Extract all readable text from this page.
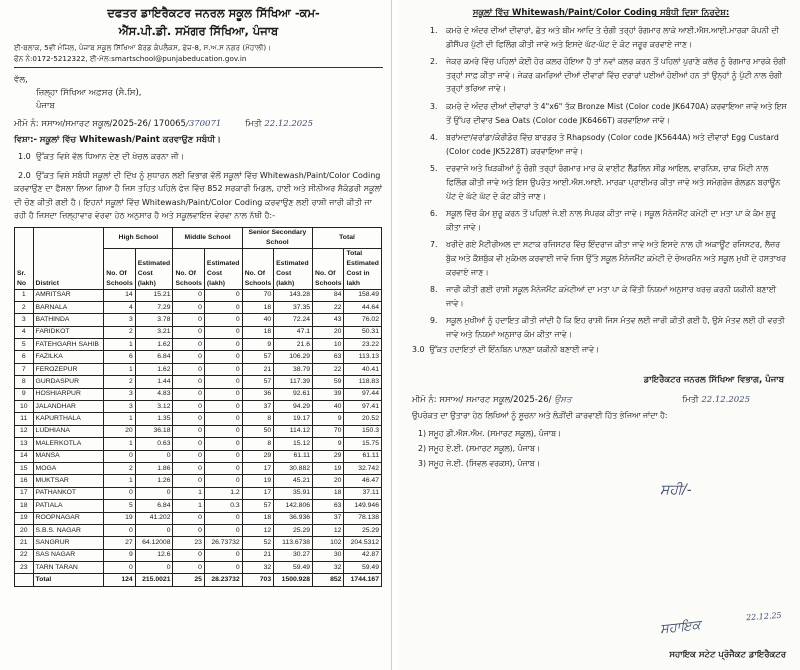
ਦਫਤਰ ਡਾਇਰੈਕਟਰ ਜਨਰਲ ਸਕੂਲ ਸਿੱਖਿਆ -ਕਮ-
ਐੱਸ.ਪੀ.ਡੀ. ਸਮੱਗਰ ਸਿੱਖਿਆ, ਪੰਜਾਬ
ਈ-ਬਲਾਕ, 5ਵੀਂ ਮੰਜਿਲ, ਪੰਜਾਬ ਸਕੂਲ ਸਿੱਖਿਆ ਬੋਰਡ ਕੰਪਲੈਕਸ, ਫੇਜ਼-8, ਸ.ਅ.ਸ ਨਗਰ (ਮੋਹਾਲੀ)।
ਫੋਨ ਨੰ:0172-5212322, ਈ-ਮੇਲ:smartschool@punjabeducation.gov.in
ਵੱਲ,
ਜ਼ਿਲ੍ਹਾ ਸਿੱਖਿਆ ਅਫ਼ਸਰ (ਸੈ.ਸਿ),
ਪੰਜਾਬ
ਮੀਮੋ ਨੰ: ਸਸਾਅ/ਸਮਾਰਟ ਸਕੂਲ/2025-26/ 170065/370071	ਮਿਤੀ 22.12.2025
ਵਿਸ਼ਾ:- ਸਕੂਲਾਂ ਵਿੱਚ Whitewash/Paint ਕਰਵਾਉਣ ਸਬੰਧੀ।
1.0 ਉੱਕਤ ਵਿਸ਼ੇ ਵੱਲ ਧਿਆਨ ਦੇਣ ਦੀ ਖੇਚਲ ਕਰਨਾ ਜੀ।
2.0 ਉੱਕਤ ਵਿਸ਼ੇ ਸਬੰਧੀ ਸਕੂਲਾਂ ਦੀ ਦਿੱਖ ਨੂੰ ਸੁਧਾਰਨ ਲਈ ਵਿਭਾਗ ਵੱਲੋਂ ਸਕੂਲਾਂ ਵਿੱਚ Whitewash/Paint/Color Coding ਕਰਵਾਉਣ ਦਾ ਫੈਸਲਾ ਲਿਆ ਗਿਆ ਹੈ ਜਿਸ ਤਹਿਤ ਪਹਿਲੇ ਫੇਜ਼ ਵਿੱਚ 852 ਸਰਕਾਰੀ ਮਿਡਲ, ਹਾਈ ਅਤੇ ਸੀਨੀਅਰ ਸੈਕੰਡਰੀ ਸਕੂਲਾਂ ਦੀ ਚੋਣ ਕੀਤੀ ਗਈ ਹੈ। ਇਹਨਾਂ ਸਕੂਲਾਂ ਵਿੱਚ Whitewash/Paint/Color Coding ਕਰਵਾਉਣ ਲਈ ਰਾਸ਼ੀ ਜਾਰੀ ਕੀਤੀ ਜਾ ਰਹੀ ਹੈ ਜਿਸਦਾ ਜ਼ਿਲ੍ਹਾਵਾਰ ਵੇਰਵਾ ਹੇਠ ਅਨੁਸਾਰ ਹੈ ਅਤੇ ਸਕੂਲਵਾਇਜ਼ ਵੇਰਵਾ ਨਾਲ ਨੱਥੀ ਹੈ:-
Sr. No	District	High School		Middle School		Senior Secondary School		Total	
		No. Of Schools	Estimated Cost (lakh)	No. Of Schools	Estimated Cost (lakh)	No. Of Schools	Estimated Cost (lakh)	No. Of Schools	Total Estimated Cost in lakh
1	AMRITSAR	14	15.21	0	0	70	143.28	84	158.49
2	BARNALA	4	7.29	0	0	18	37.35	22	44.64
3	BATHINDA	3	3.78	0	0	40	72.24	43	76.02
4	FARIDKOT	2	3.21	0	0	18	47.1	20	50.31
5	FATEHGARH SAHIB	1	1.62	0	0	9	21.6	10	23.22
6	FAZILKA	6	6.84	0	0	57	106.29	63	113.13
7	FEROZEPUR	1	1.62	0	0	21	38.79	22	40.41
8	GURDASPUR	2	1.44	0	0	57	117.39	59	118.83
9	HOSHIARPUR	3	4.83	0	0	36	92.61	39	97.44
10	JALANDHAR	3	3.12	0	0	37	94.29	40	97.41
11	KAPURTHALA	1	1.35	0	0	8	19.17	9	20.52
12	LUDHIANA	20	36.18	0	0	50	114.12	70	150.3
13	MALERKOTLA	1	0.63	0	0	8	15.12	9	15.75
14	MANSA	0	0	0	0	29	61.11	29	61.11
15	MOGA	2	1.86	0	0	17	30.882	19	32.742
16	MUKTSAR	1	1.26	0	0	19	45.21	20	46.47
17	PATHANKOT	0	0	1	1.2	17	35.91	18	37.11
18	PATIALA	5	6.84	1	0.3	57	142.806	63	149.946
19	ROOPNAGAR	19	41.202	0	0	18	36.936	37	78.138
20	S.B.S. NAGAR	0	0	0	0	12	25.29	12	25.29
21	SANGRUR	27	64.12008	23	26.73732	52	113.6738	102	204.5312
22	SAS NAGAR	9	12.6	0	0	21	30.27	30	42.87
23	TARN TARAN	0	0	0	0	32	59.49	32	59.49
	Total	124	215.0021	25	28.23732	703	1500.928	852	1744.167
ਸਕੂਲਾਂ ਵਿੱਚ Whitewash/Paint/Color Coding ਸਬੰਧੀ ਦਿਸ਼ਾ ਨਿਰਦੇਸ਼:
1.	ਕਮਰੇ ਦੇ ਅੰਦਰ ਦੀਆਂ ਦੀਵਾਰਾਂ, ਛੱਤ ਅਤੇ ਬੀਮ ਆਦਿ ਤੇ ਚੰਗੀ ਤਰ੍ਹਾਂ ਰੰਗਮਾਰ ਲਾਕੇ ਆਈ.ਐਸ.ਆਈ.ਮਾਰਕਾ ਕੰਪਨੀ ਦੀ ਡੀਸੈਂਪਰ ਪੁੱਟੀ ਦੀ ਫਿਲਿੰਗ ਕੀਤੀ ਜਾਵੇ ਅਤੇ ਇਸਦੇ ਘੱਟ-ਘੱਟ ਦੋ ਕੋਟ ਜਰੂਰ ਕਰਵਾਏ ਜਾਣ।
2.	ਜੇਕਰ ਕਮਰੇ ਵਿੱਚ ਪਹਿਲਾਂ ਕੋਈ ਹੋਰ ਕਲਰ ਹੋਇਆ ਹੈ ਤਾਂ ਨਵਾਂ ਕਲਰ ਕਰਨ ਤੋਂ ਪਹਿਲਾਂ ਪੁਰਾਣੇ ਕਲੱਰ ਨੂੰ ਰੰਗਮਾਰ ਮਾਰਕੇ ਚੰਗੀ ਤਰ੍ਹਾਂ ਸਾਫ਼ ਕੀਤਾ ਜਾਵੇ। ਜੇਕਰ ਕਮਰਿਆਂ ਦੀਆਂ ਦੀਵਾਰਾਂ ਵਿੱਚ ਦਰਾਰਾਂ ਪਈਆਂ ਹੋਈਆਂ ਹਨ ਤਾਂ ਉਨ੍ਹਾਂ ਨੂੰ ਪੁੱਟੀ ਨਾਲ ਚੰਗੀ ਤਰ੍ਹਾਂ ਭਰਿਆ ਜਾਵੇ।
3.	ਕਮਰੇ ਦੇ ਅੰਦਰ ਦੀਆਂ ਦੀਵਾਰਾਂ ਤੇ 4"x6" ਤੱਕ Bronze Mist (Color code JK6470A) ਕਰਵਾਇਆ ਜਾਵੇ ਅਤੇ ਇਸ ਤੋਂ ਉੱਪਰ ਦੀਵਾਰ Sea Oats (Color code JK6466T) ਕਰਵਾਇਆ ਜਾਵੇ।
4.	ਬਰਾਂਮਦਾ/ਵਰਾਂਡਾ/ਕੋਰੀਡੋਰ ਵਿੱਚ ਬਾਰਡਰ ਤੇ Rhapsody (Color code JK5644A) ਅਤੇ ਦੀਵਾਰਾਂ Egg Custard (Color code JK5228T) ਕਰਵਾਇਆ ਜਾਵੇ।
5.	ਦਰਵਾਜੇ ਅਤੇ ਖਿੜਕੀਆਂ ਨੂੰ ਚੰਗੀ ਤਰ੍ਹਾਂ ਰੰਗਮਾਰ ਮਾਰ ਕੇ ਵਾਈਟ ਲੈੱਡਲਿਨ ਸੀਡ ਆਇਲ, ਵਾਰਨਿਸ਼, ਚਾਕ ਮਿੱਟੀ ਨਾਲ ਫਿਲਿੰਗ ਕੀਤੀ ਜਾਵੇ ਅਤੇ ਇਸ ਉਪਰੰਤ ਆਈ.ਐਸ.ਆਈ. ਮਾਰਕਾ ਪ੍ਰਾਈਮਰ ਕੀਤਾ ਜਾਵੇ ਅਤੇ ਸਮੋਗਰੇਜ ਗੋਲਡਨ ਬਰਾਊਨ ਪੇਂਟ ਦੇ ਘੱਟੋ ਘੱਟ ਦੋ ਕੋਟ ਕੀਤੇ ਜਾਣ।
6.	ਸਕੂਲ ਵਿੱਚ ਕੰਮ ਸ਼ੁਰੂ ਕਰਨ ਤੋਂ ਪਹਿਲਾਂ ਜੇ.ਈ ਨਾਲ ਸੰਪਰਕ ਕੀਤਾ ਜਾਵੇ। ਸਕੂਲ ਮੈਨੇਜਮੈਂਟ ਕਮੇਟੀ ਦਾ ਮਤਾ ਪਾ ਕੇ ਕੰਮ ਸ਼ੁਰੂ ਕੀਤਾ ਜਾਵੇ।
7.	ਖਰੀਦੇ ਗਏ ਮੈਟੀਰੀਅਲ ਦਾ ਸਟਾਕ ਰਜਿਸਟਰ ਵਿੱਚ ਇੰਦਰਾਜ ਕੀਤਾ ਜਾਵੇ ਅਤੇ ਇਸਦੇ ਨਾਲ ਹੀ ਅਕਾਊਂਟ ਰਜਿਸਟਰ, ਲੈਜ਼ਰ ਬੁੱਕ ਅਤੇ ਕੈਸ਼ਬੁੱਕ ਵੀ ਮੁਕੰਮਲ ਕਰਵਾਈ ਜਾਵੇ ਜਿਸ ਉੱਤੇ ਸਕੂਲ ਮੈਨੇਜਮੈਂਟ ਕਮੇਟੀ ਦੇ ਚੇਅਰਮੈਨ ਅਤੇ ਸਕੂਲ ਮੁਖੀ ਦੇ ਹਸਤਾਖਰ ਕਰਵਾਏ ਜਾਣ।
8.	ਜਾਰੀ ਕੀਤੀ ਗਈ ਰਾਸ਼ੀ ਸਕੂਲ ਮੈਨੇਜਮੈਂਟ ਕਮੇਟੀਆਂ ਦਾ ਮਤਾ ਪਾ ਕੇ ਵਿੱਤੀ ਨਿਯਮਾਂ ਅਨੁਸਾਰ ਖਰਚ ਕਰਨੀ ਯਕੀਨੀ ਬਣਾਈ ਜਾਵੇ।
9.	ਸਕੂਲ ਮੁਖੀਆਂ ਨੂੰ ਹਦਾਇਤ ਕੀਤੀ ਜਾਂਦੀ ਹੈ ਕਿ ਇਹ ਰਾਸ਼ੀ ਜਿਸ ਮੰਤਵ ਲਈ ਜਾਰੀ ਕੀਤੀ ਗਈ ਹੈ, ਉਸੇ ਮੰਤਵ ਲਈ ਹੀ ਵਰਤੀ ਜਾਵੇ ਅਤੇ ਨਿਯਮਾਂ ਅਨੁਸਾਰ ਕੰਮ ਕੀਤਾ ਜਾਵੇ।
3.0 ਉੱਕਤ ਹਦਾਇਤਾਂ ਦੀ ਇੰਨਬਿਨ ਪਾਲਣਾ ਯਕੀਨੀ ਬਣਾਈ ਜਾਵੇ।
ਸਹੀ/-
ਡਾਇਰੈਕਟਰ ਜਨਰਲ ਸਿੱਖਿਆ ਵਿਭਾਗ, ਪੰਜਾਬ
ਮੀਮੋ ਨੰ: ਸਸਾਅ/ ਸਮਾਰਟ ਸਕੂਲ/2025-26/ ਉਸਤ	ਮਿਤੀ 22.12.2025
ਉਪਰੋਕਤ ਦਾ ਉਤਾਰਾ ਹੇਠ ਲਿਖਿਆਂ ਨੂੰ ਸੂਚਨਾ ਅਤੇ ਲੋੜੀਂਦੀ ਕਾਰਵਾਈ ਹਿੱਤ ਭੇਜਿਆ ਜਾਂਦਾ ਹੈ:
1) ਸਮੂਹ ਡੀ.ਐਸ.ਐਮ. (ਸਮਾਰਟ ਸਕੂਲ), ਪੰਜਾਬ।
2) ਸਮੂਹ ਏ.ਈ. (ਸਮਾਰਟ ਸਕੂਲ), ਪੰਜਾਬ।
3) ਸਮੂਹ ਜੇ.ਈ. (ਸਿਵਲ ਵਰਕਸ), ਪੰਜਾਬ।
ਸਹਾਇਕ
22.12.25
ਸਹਾਇਕ ਸਟੇਟ ਪ੍ਰੋਜੈਕਟ ਡਾਇਰੈਕਟਰ
